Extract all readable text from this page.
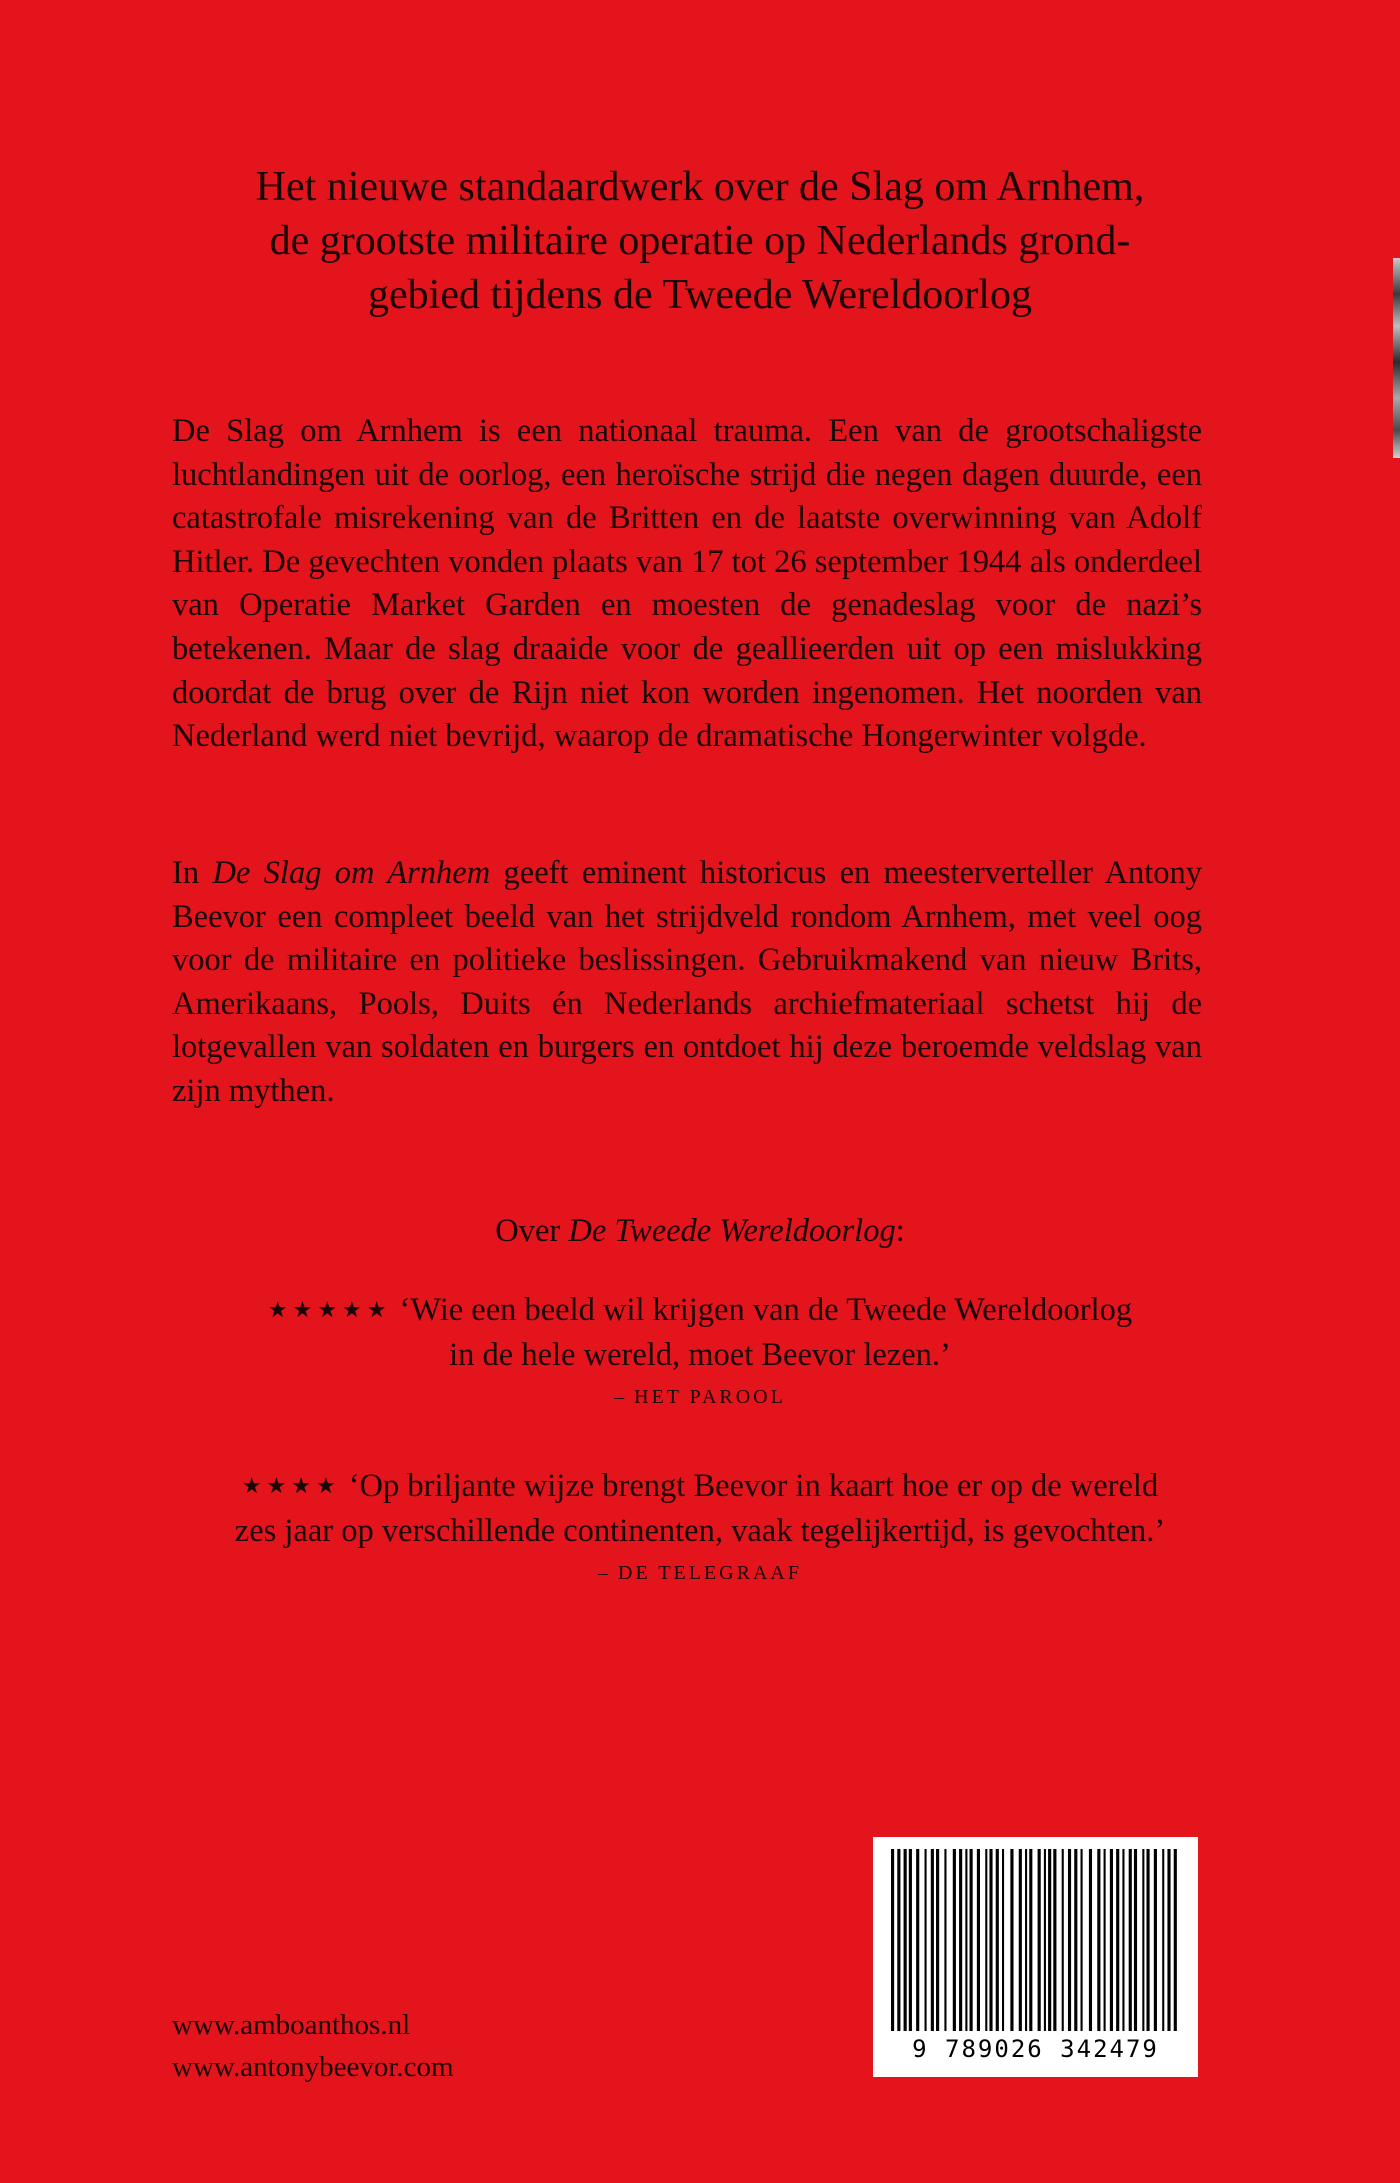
Het nieuwe standaardwerk over de Slag om Arnhem,
de grootste militaire operatie op Nederlands grond-
gebied tijdens de Tweede Wereldoorlog

De Slag om Arnhem is een nationaal trauma. Een van de grootschaligste luchtlandingen uit de oorlog, een heroïsche strijd die negen dagen duurde, een catastrofale misrekening van de Britten en de laatste overwinning van Adolf Hitler. De gevechten vonden plaats van 17 tot 26 september 1944 als onderdeel van Operatie Market Garden en moesten de genadeslag voor de nazi’s betekenen. Maar de slag draaide voor de geallieerden uit op een mislukking doordat de brug over de Rijn niet kon worden ingenomen. Het noorden van Nederland werd niet bevrijd, waarop de dramatische Hongerwinter volgde.

In De Slag om Arnhem geeft eminent historicus en meesterverteller Antony Beevor een compleet beeld van het strijdveld rondom Arnhem, met veel oog voor de militaire en politieke beslissingen. Gebruikmakend van nieuw Brits, Amerikaans, Pools, Duits én Nederlands archiefmateriaal schetst hij de lotgevallen van soldaten en burgers en ontdoet hij deze beroemde veldslag van zijn mythen.

Over De Tweede Wereldoorlog:
★★★★★ ‘Wie een beeld wil krijgen van de Tweede Wereldoorlog
in de hele wereld, moet Beevor lezen.’
– HET PAROOL
★★★★ ‘Op briljante wijze brengt Beevor in kaart hoe er op de wereld
zes jaar op verschillende continenten, vaak tegelijkertijd, is gevochten.’
– DE TELEGRAAF
www.amboanthos.nl
www.antonybeevor.com
9 789026 342479
